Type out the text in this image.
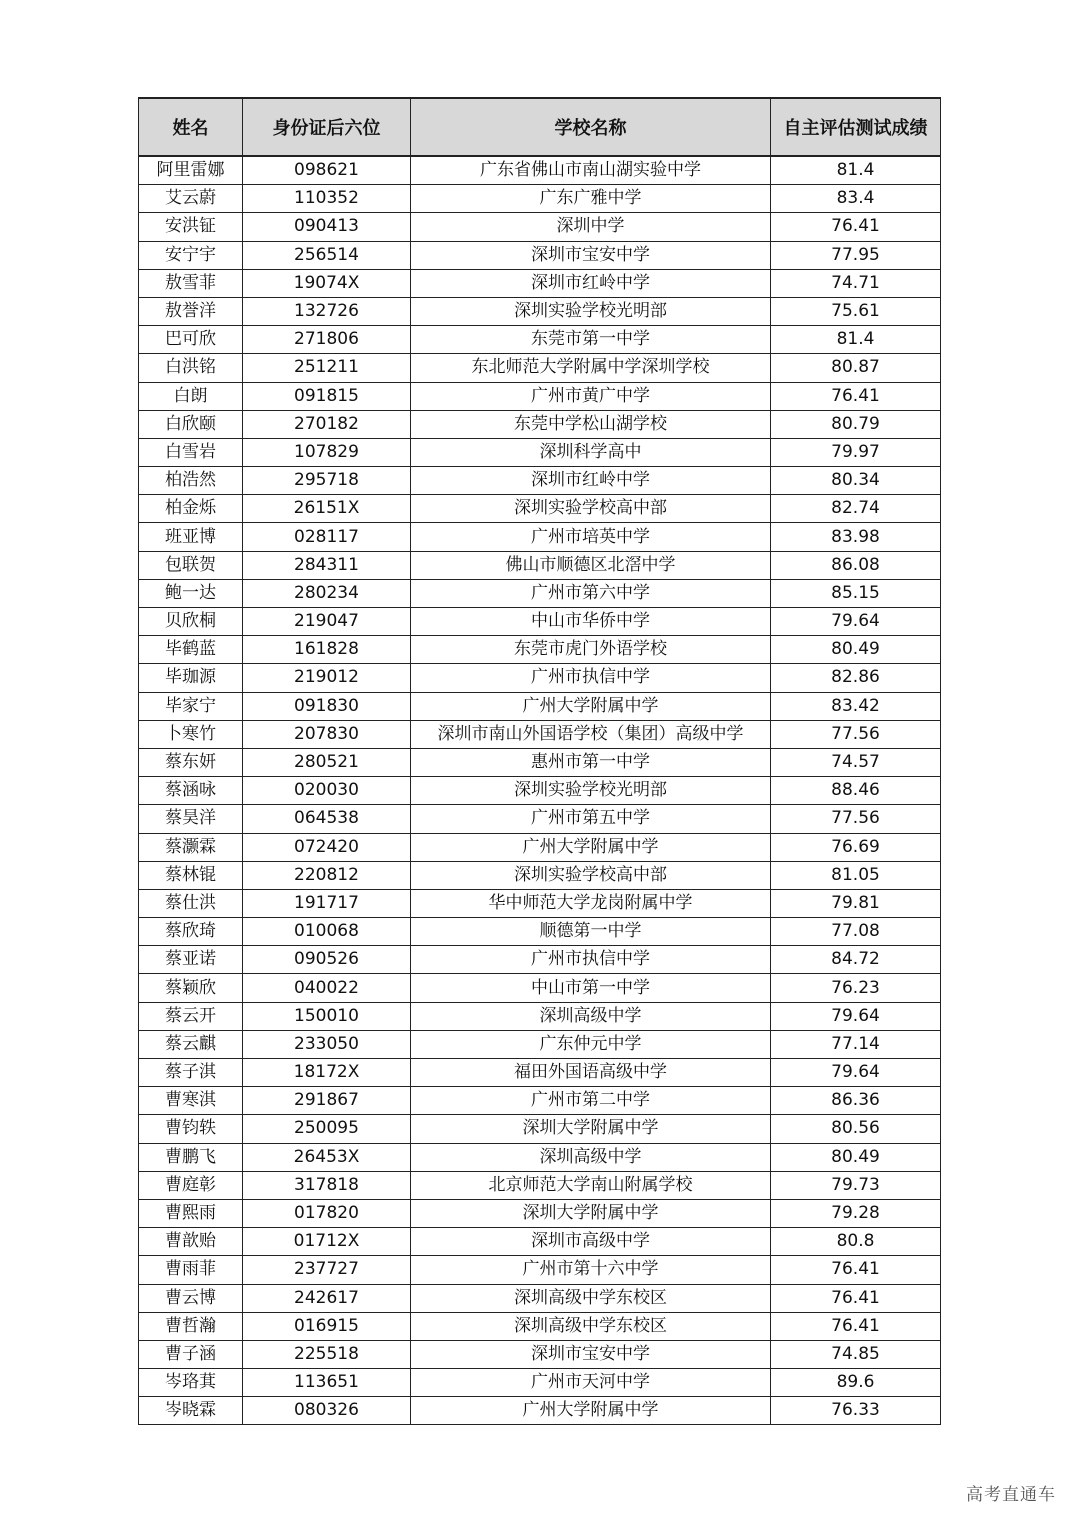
姓名	身份证后六位	学校名称	自主评估测试成绩
阿里雷娜	098621	广东省佛山市南山湖实验中学	81.4
艾云蔚	110352	广东广雅中学	83.4
安洪钲	090413	深圳中学	76.41
安宁宇	256514	深圳市宝安中学	77.95
敖雪菲	19074X	深圳市红岭中学	74.71
敖誉洋	132726	深圳实验学校光明部	75.61
巴可欣	271806	东莞市第一中学	81.4
白洪铭	251211	东北师范大学附属中学深圳学校	80.87
白朗	091815	广州市黄广中学	76.41
白欣颐	270182	东莞中学松山湖学校	80.79
白雪岩	107829	深圳科学高中	79.97
柏浩然	295718	深圳市红岭中学	80.34
柏金烁	26151X	深圳实验学校高中部	82.74
班亚博	028117	广州市培英中学	83.98
包联贺	284311	佛山市顺德区北滘中学	86.08
鲍一达	280234	广州市第六中学	85.15
贝欣桐	219047	中山市华侨中学	79.64
毕鹤蓝	161828	东莞市虎门外语学校	80.49
毕珈源	219012	广州市执信中学	82.86
毕家宁	091830	广州大学附属中学	83.42
卜寒竹	207830	深圳市南山外国语学校（集团）高级中学	77.56
蔡东妍	280521	惠州市第一中学	74.57
蔡涵咏	020030	深圳实验学校光明部	88.46
蔡昊洋	064538	广州市第五中学	77.56
蔡灏霖	072420	广州大学附属中学	76.69
蔡林锟	220812	深圳实验学校高中部	81.05
蔡仕洪	191717	华中师范大学龙岗附属中学	79.81
蔡欣琦	010068	顺德第一中学	77.08
蔡亚诺	090526	广州市执信中学	84.72
蔡颖欣	040022	中山市第一中学	76.23
蔡云开	150010	深圳高级中学	79.64
蔡云麒	233050	广东仲元中学	77.14
蔡子淇	18172X	福田外国语高级中学	79.64
曹寒淇	291867	广州市第二中学	86.36
曹钧轶	250095	深圳大学附属中学	80.56
曹鹏飞	26453X	深圳高级中学	80.49
曹庭彰	317818	北京师范大学南山附属学校	79.73
曹熙雨	017820	深圳大学附属中学	79.28
曹歆贻	01712X	深圳市高级中学	80.8
曹雨菲	237727	广州市第十六中学	76.41
曹云博	242617	深圳高级中学东校区	76.41
曹哲瀚	016915	深圳高级中学东校区	76.41
曹子涵	225518	深圳市宝安中学	74.85
岑珞萁	113651	广州市天河中学	89.6
岑晓霖	080326	广州大学附属中学	76.33
高考直通车
